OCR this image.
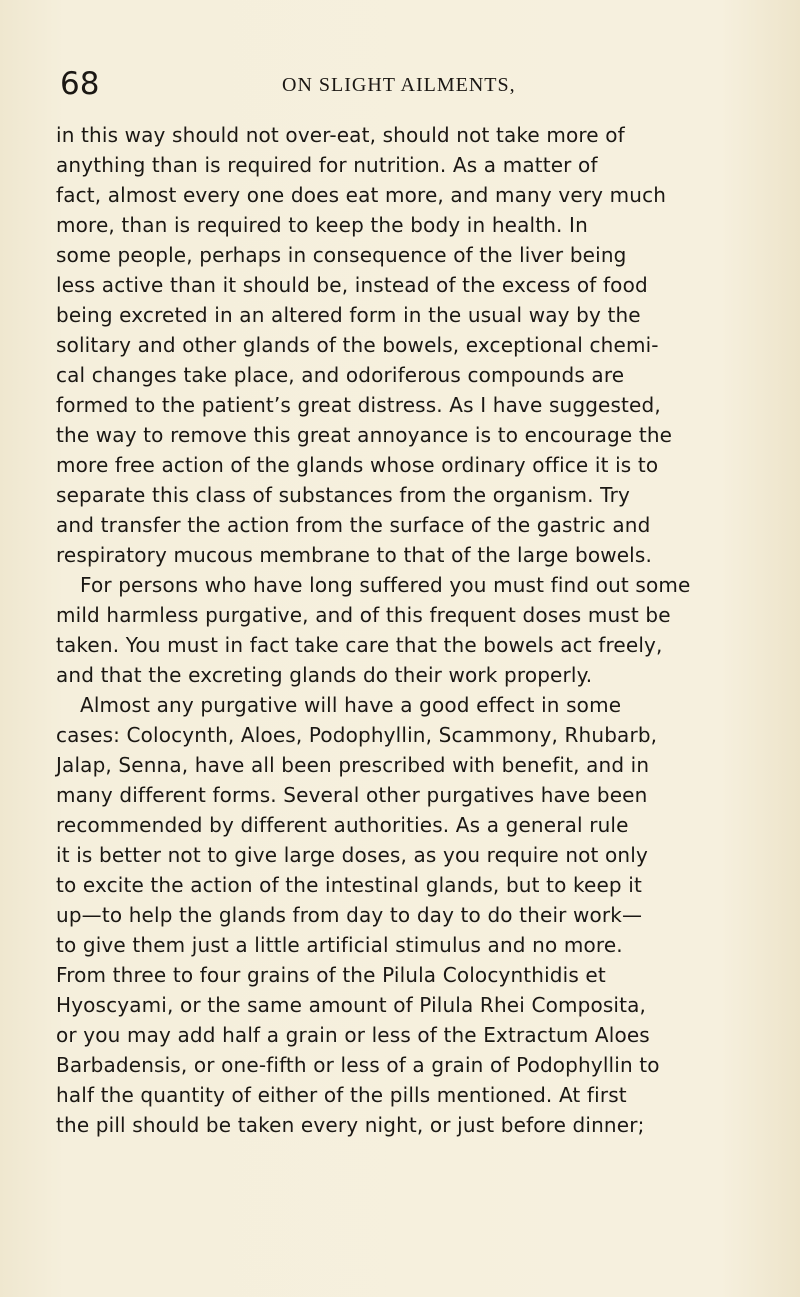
68	ON SLIGHT AILMENTS,
in this way should not over-eat, should not take more of
anything than is required for nutrition. As a matter of
fact, almost every one does eat more, and many very much
more, than is required to keep the body in health. In
some people, perhaps in consequence of the liver being
less active than it should be, instead of the excess of food
being excreted in an altered form in the usual way by the
solitary and other glands of the bowels, exceptional chemi-
cal changes take place, and odoriferous compounds are
formed to the patient’s great distress. As I have suggested,
the way to remove this great annoyance is to encourage the
more free action of the glands whose ordinary office it is to
separate this class of substances from the organism. Try
and transfer the action from the surface of the gastric and
respiratory mucous membrane to that of the large bowels.
For persons who have long suffered you must find out some
mild harmless purgative, and of this frequent doses must be
taken. You must in fact take care that the bowels act freely,
and that the excreting glands do their work properly.
Almost any purgative will have a good effect in some
cases: Colocynth, Aloes, Podophyllin, Scammony, Rhubarb,
Jalap, Senna, have all been prescribed with benefit, and in
many different forms. Several other purgatives have been
recommended by different authorities. As a general rule
it is better not to give large doses, as you require not only
to excite the action of the intestinal glands, but to keep it
up—to help the glands from day to day to do their work—
to give them just a little artificial stimulus and no more.
From three to four grains of the Pilula Colocynthidis et
Hyoscyami, or the same amount of Pilula Rhei Composita,
or you may add half a grain or less of the Extractum Aloes
Barbadensis, or one-fifth or less of a grain of Podophyllin to
half the quantity of either of the pills mentioned. At first
the pill should be taken every night, or just before dinner;
